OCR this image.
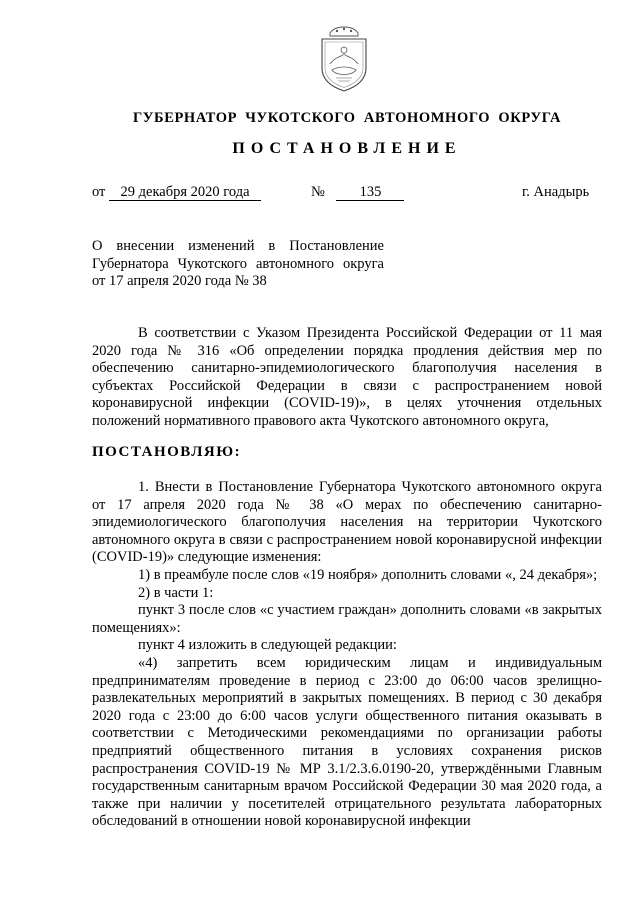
ГУБЕРНАТОР ЧУКОТСКОГО АВТОНОМНОГО ОКРУГА
ПОСТАНОВЛЕНИЕ
от 29 декабря 2020 года	№ 135	г. Анадырь
О внесении изменений в Постановление
Губернатора Чукотского автономного округа
от 17 апреля 2020 года № 38

В соответствии с Указом Президента Российской Федерации от 11 мая 2020 года № 316 «Об определении порядка продления действия мер по обеспечению санитарно-эпидемиологического благополучия населения в субъектах Российской Федерации в связи с распространением новой коронавирусной инфекции (COVID-19)», в целях уточнения отдельных положений нормативного правового акта Чукотского автономного округа,

ПОСТАНОВЛЯЮ:

1. Внести в Постановление Губернатора Чукотского автономного округа от 17 апреля 2020 года № 38 «О мерах по обеспечению санитарно-эпидемиологического благополучия населения на территории Чукотского автономного округа в связи с распространением новой коронавирусной инфекции (COVID-19)» следующие изменения:

1) в преамбуле после слов «19 ноября» дополнить словами «, 24 декабря»;

2) в части 1:

пункт 3 после слов «с участием граждан» дополнить словами «в закрытых помещениях»:

пункт 4 изложить в следующей редакции:

«4) запретить всем юридическим лицам и индивидуальным предпринимателям проведение в период с 23:00 до 06:00 часов зрелищно-развлекательных мероприятий в закрытых помещениях. В период с 30 декабря 2020 года с 23:00 до 6:00 часов услуги общественного питания оказывать в соответствии с Методическими рекомендациями по организации работы предприятий общественного питания в условиях сохранения рисков распространения COVID-19 № МР 3.1/2.3.6.0190-20, утверждёнными Главным государственным санитарным врачом Российской Федерации 30 мая 2020 года, а также при наличии у посетителей отрицательного результата лабораторных обследований в отношении новой коронавирусной инфекции
